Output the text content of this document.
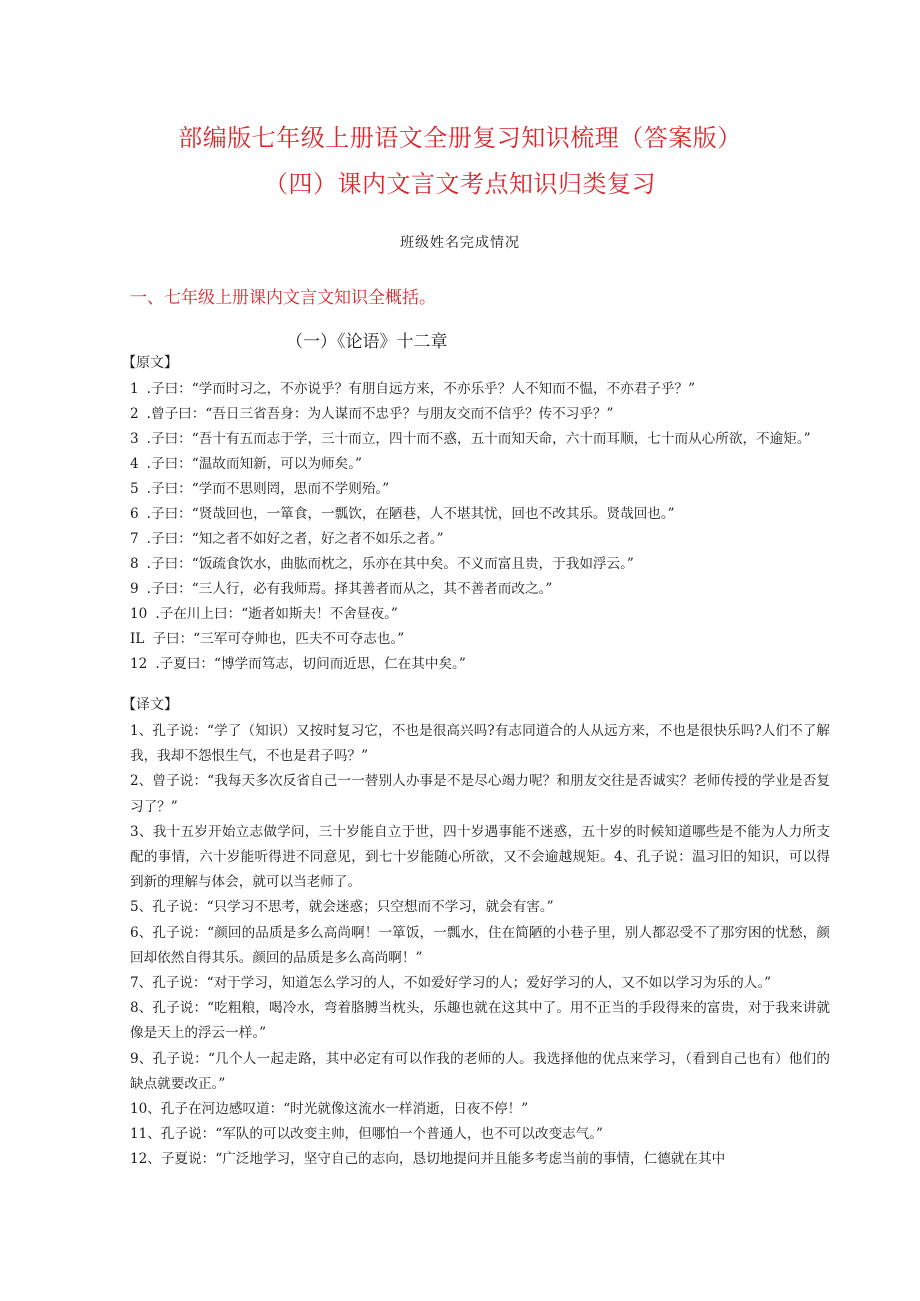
部编版七年级上册语文全册复习知识梳理（答案版）
（四）课内文言文考点知识归类复习
班级姓名完成情况
一、七年级上册课内文言文知识全概括。
（一）《论语》十二章
【原文】
1 .子曰：“学而时习之，不亦说乎？有朋自远方来，不亦乐乎？人不知而不愠，不亦君子乎？”
2 .曾子曰：“吾日三省吾身：为人谋而不忠乎？与朋友交而不信乎？传不习乎？”
3 .子曰：“吾十有五而志于学，三十而立，四十而不惑，五十而知天命，六十而耳顺，七十而从心所欲，不逾矩。”
4 .子曰：“温故而知新，可以为师矣。”
5 .子曰：“学而不思则罔，思而不学则殆。”
6 .子曰：“贤哉回也，一箪食，一瓢饮，在陋巷，人不堪其忧，回也不改其乐。贤哉回也。”
7 .子曰：“知之者不如好之者，好之者不如乐之者。”
8 .子曰：“饭疏食饮水，曲肱而枕之，乐亦在其中矣。不义而富且贵，于我如浮云。”
9 .子曰：“三人行，必有我师焉。择其善者而从之，其不善者而改之。”
10 .子在川上曰：“逝者如斯夫！不舍昼夜。”
IL 子曰：“三军可夺帅也，匹夫不可夺志也。”
12 .子夏曰：“博学而笃志，切问而近思，仁在其中矣。”
【译文】
1、孔子说：“学了（知识）又按时复习它，不也是很高兴吗?有志同道合的人从远方来，不也是很快乐吗?人们不了解我，我却不怨恨生气，不也是君子吗？”
2、曾子说：“我每天多次反省自己一一替别人办事是不是尽心竭力呢？和朋友交往是否诚实？老师传授的学业是否复习了？”
3、我十五岁开始立志做学问，三十岁能自立于世，四十岁遇事能不迷惑，五十岁的时候知道哪些是不能为人力所支配的事情，六十岁能听得进不同意见，到七十岁能随心所欲，又不会逾越规矩。4、孔子说：温习旧的知识，可以得到新的理解与体会，就可以当老师了。
5、孔子说：“只学习不思考，就会迷惑；只空想而不学习，就会有害。”
6、孔子说：“颜回的品质是多么高尚啊！一箪饭，一瓢水，住在简陋的小巷子里，别人都忍受不了那穷困的忧愁，颜回却依然自得其乐。颜回的品质是多么高尚啊！”
7、孔子说：“对于学习，知道怎么学习的人，不如爱好学习的人；爱好学习的人，又不如以学习为乐的人。”
8、孔子说：“吃粗粮，喝冷水，弯着胳膊当枕头，乐趣也就在这其中了。用不正当的手段得来的富贵，对于我来讲就像是天上的浮云一样。”
9、孔子说：“几个人一起走路，其中必定有可以作我的老师的人。我选择他的优点来学习，（看到自己也有）他们的缺点就要改正。”
10、孔子在河边感叹道：“时光就像这流水一样消逝，日夜不停！”
11、孔子说：“军队的可以改变主帅，但哪怕一个普通人，也不可以改变志气。”
12、子夏说：“广泛地学习，坚守自己的志向，恳切地提问并且能多考虑当前的事情，仁德就在其中
